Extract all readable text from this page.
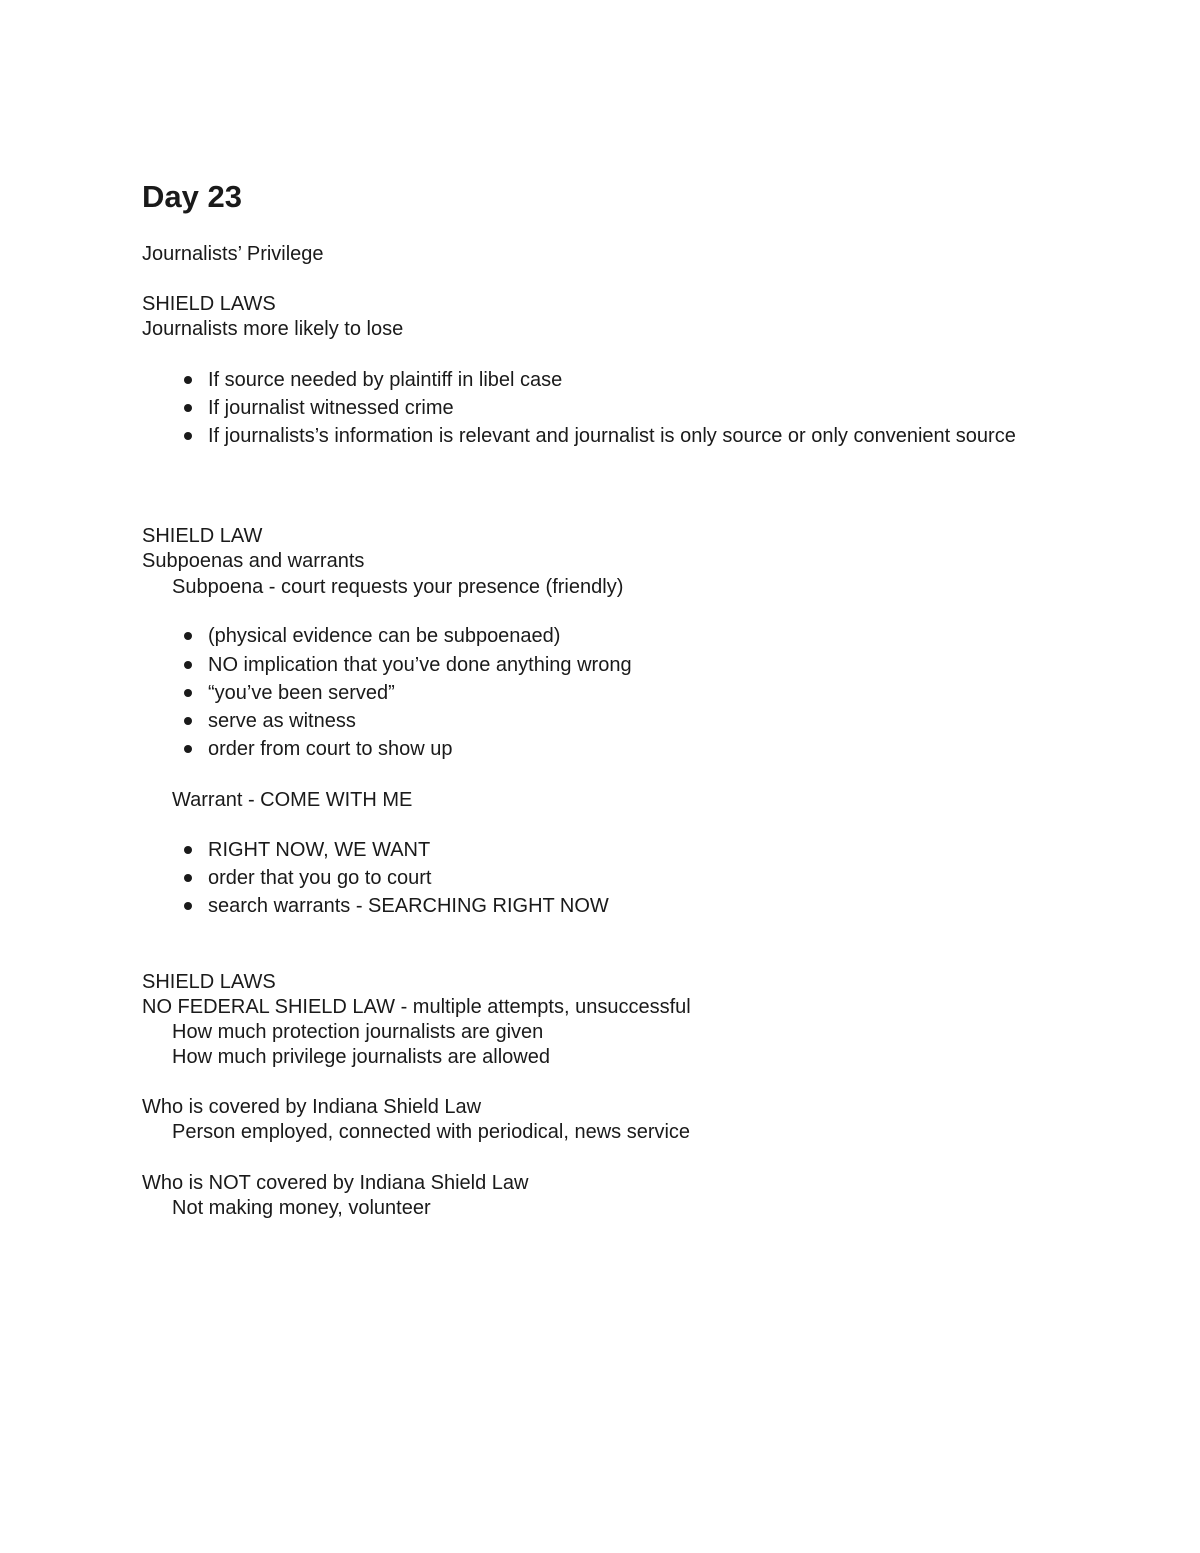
Day 23
Journalists’ Privilege
SHIELD LAWS
Journalists more likely to lose
If source needed by plaintiff in libel case
If journalist witnessed crime
If journalists’s information is relevant and journalist is only source or only convenient source
SHIELD LAW
Subpoenas and warrants
Subpoena - court requests your presence (friendly)
(physical evidence can be subpoenaed)
NO implication that you’ve done anything wrong
“you’ve been served”
serve as witness
order from court to show up
Warrant - COME WITH ME
RIGHT NOW, WE WANT
order that you go to court
search warrants - SEARCHING RIGHT NOW
SHIELD LAWS
NO FEDERAL SHIELD LAW - multiple attempts, unsuccessful
How much protection journalists are given
How much privilege journalists are allowed
Who is covered by Indiana Shield Law
Person employed, connected with periodical, news service
Who is NOT covered by Indiana Shield Law
Not making money, volunteer
